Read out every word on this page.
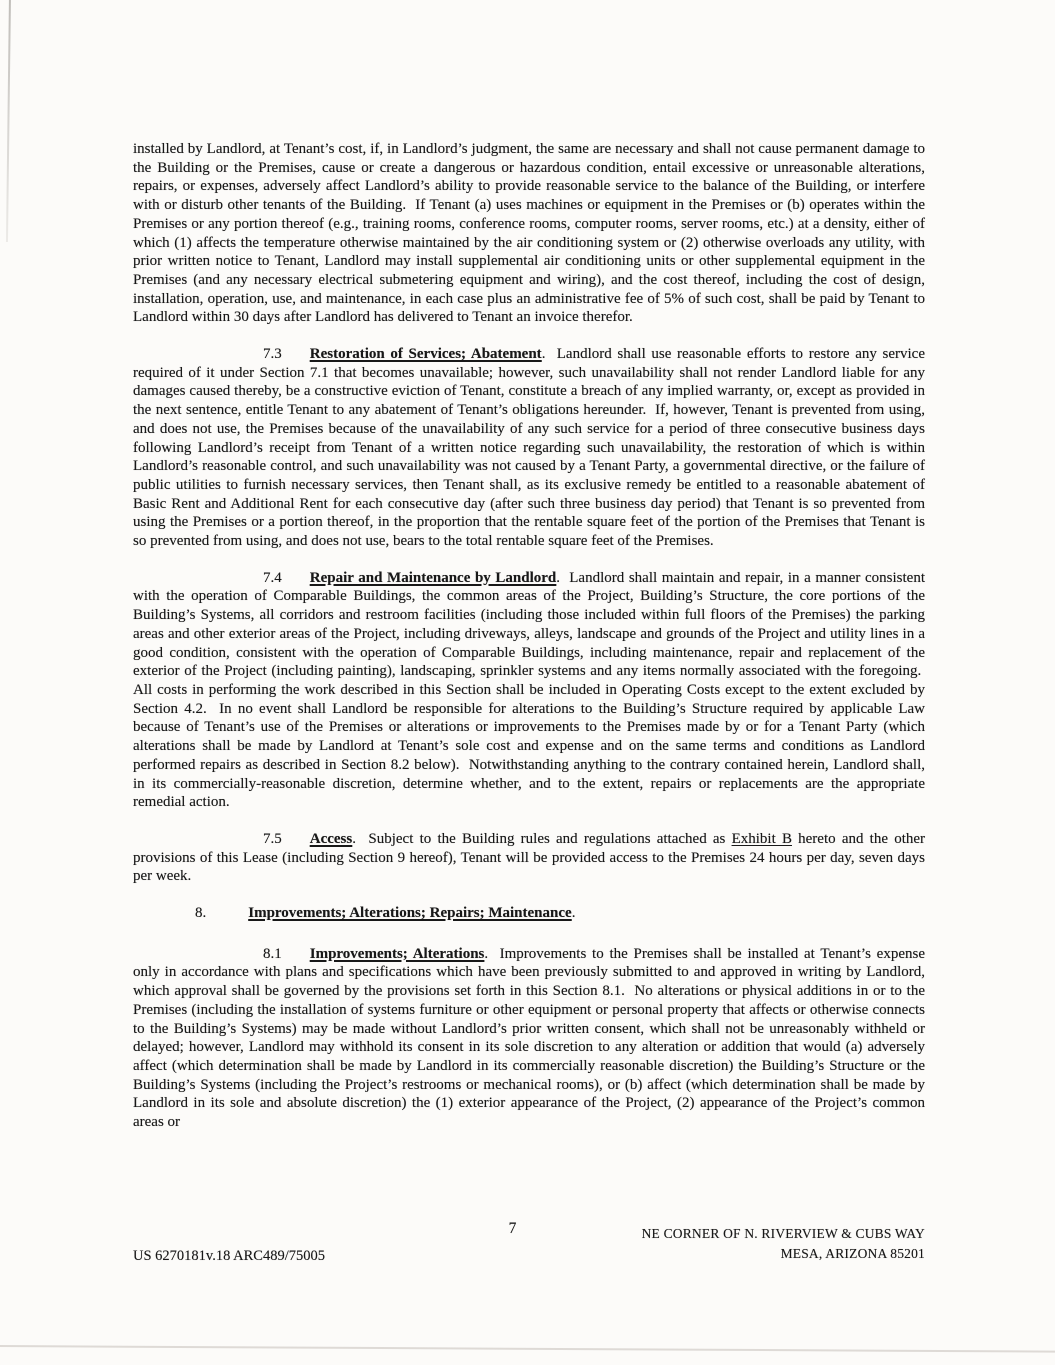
installed by Landlord, at Tenant’s cost, if, in Landlord’s judgment, the same are necessary and shall not cause permanent damage to the Building or the Premises, cause or create a dangerous or hazardous condition, entail excessive or unreasonable alterations, repairs, or expenses, adversely affect Landlord’s ability to provide reasonable service to the balance of the Building, or interfere with or disturb other tenants of the Building.  If Tenant (a) uses machines or equipment in the Premises or (b) operates within the Premises or any portion thereof (e.g., training rooms, conference rooms, computer rooms, server rooms, etc.) at a density, either of which (1) affects the temperature otherwise maintained by the air conditioning system or (2) otherwise overloads any utility, with prior written notice to Tenant, Landlord may install supplemental air conditioning units or other supplemental equipment in the Premises (and any necessary electrical submetering equipment and wiring), and the cost thereof, including the cost of design, installation, operation, use, and maintenance, in each case plus an administrative fee of 5% of such cost, shall be paid by Tenant to Landlord within 30 days after Landlord has delivered to Tenant an invoice therefor.
7.3 Restoration of Services; Abatement. Landlord shall use reasonable efforts to restore any service required of it under Section 7.1 that becomes unavailable; however, such unavailability shall not render Landlord liable for any damages caused thereby, be a constructive eviction of Tenant, constitute a breach of any implied warranty, or, except as provided in the next sentence, entitle Tenant to any abatement of Tenant’s obligations hereunder.  If, however, Tenant is prevented from using, and does not use, the Premises because of the unavailability of any such service for a period of three consecutive business days following Landlord’s receipt from Tenant of a written notice regarding such unavailability, the restoration of which is within Landlord’s reasonable control, and such unavailability was not caused by a Tenant Party, a governmental directive, or the failure of public utilities to furnish necessary services, then Tenant shall, as its exclusive remedy be entitled to a reasonable abatement of Basic Rent and Additional Rent for each consecutive day (after such three business day period) that Tenant is so prevented from using the Premises or a portion thereof, in the proportion that the rentable square feet of the portion of the Premises that Tenant is so prevented from using, and does not use, bears to the total rentable square feet of the Premises.
7.4 Repair and Maintenance by Landlord. Landlord shall maintain and repair, in a manner consistent with the operation of Comparable Buildings, the common areas of the Project, Building’s Structure, the core portions of the Building’s Systems, all corridors and restroom facilities (including those included within full floors of the Premises) the parking areas and other exterior areas of the Project, including driveways, alleys, landscape and grounds of the Project and utility lines in a good condition, consistent with the operation of Comparable Buildings, including maintenance, repair and replacement of the exterior of the Project (including painting), landscaping, sprinkler systems and any items normally associated with the foregoing.  All costs in performing the work described in this Section shall be included in Operating Costs except to the extent excluded by Section 4.2.  In no event shall Landlord be responsible for alterations to the Building’s Structure required by applicable Law because of Tenant’s use of the Premises or alterations or improvements to the Premises made by or for a Tenant Party (which alterations shall be made by Landlord at Tenant’s sole cost and expense and on the same terms and conditions as Landlord performed repairs as described in Section 8.2 below).  Notwithstanding anything to the contrary contained herein, Landlord shall, in its commercially-reasonable discretion, determine whether, and to the extent, repairs or replacements are the appropriate remedial action.
7.5 Access. Subject to the Building rules and regulations attached as Exhibit B hereto and the other provisions of this Lease (including Section 9 hereof), Tenant will be provided access to the Premises 24 hours per day, seven days per week.
8.	Improvements; Alterations; Repairs; Maintenance.
8.1 Improvements; Alterations. Improvements to the Premises shall be installed at Tenant’s expense only in accordance with plans and specifications which have been previously submitted to and approved in writing by Landlord, which approval shall be governed by the provisions set forth in this Section 8.1.  No alterations or physical additions in or to the Premises (including the installation of systems furniture or other equipment or personal property that affects or otherwise connects to the Building’s Systems) may be made without Landlord’s prior written consent, which shall not be unreasonably withheld or delayed; however, Landlord may withhold its consent in its sole discretion to any alteration or addition that would (a) adversely affect (which determination shall be made by Landlord in its commercially reasonable discretion) the Building’s Structure or the Building’s Systems (including the Project’s restrooms or mechanical rooms), or (b) affect (which determination shall be made by Landlord in its sole and absolute discretion) the (1) exterior appearance of the Project, (2) appearance of the Project’s common areas or
7	NE CORNER OF N. RIVERVIEW & CUBS WAY
MESA, ARIZONA 85201
US 6270181v.18 ARC489/75005
